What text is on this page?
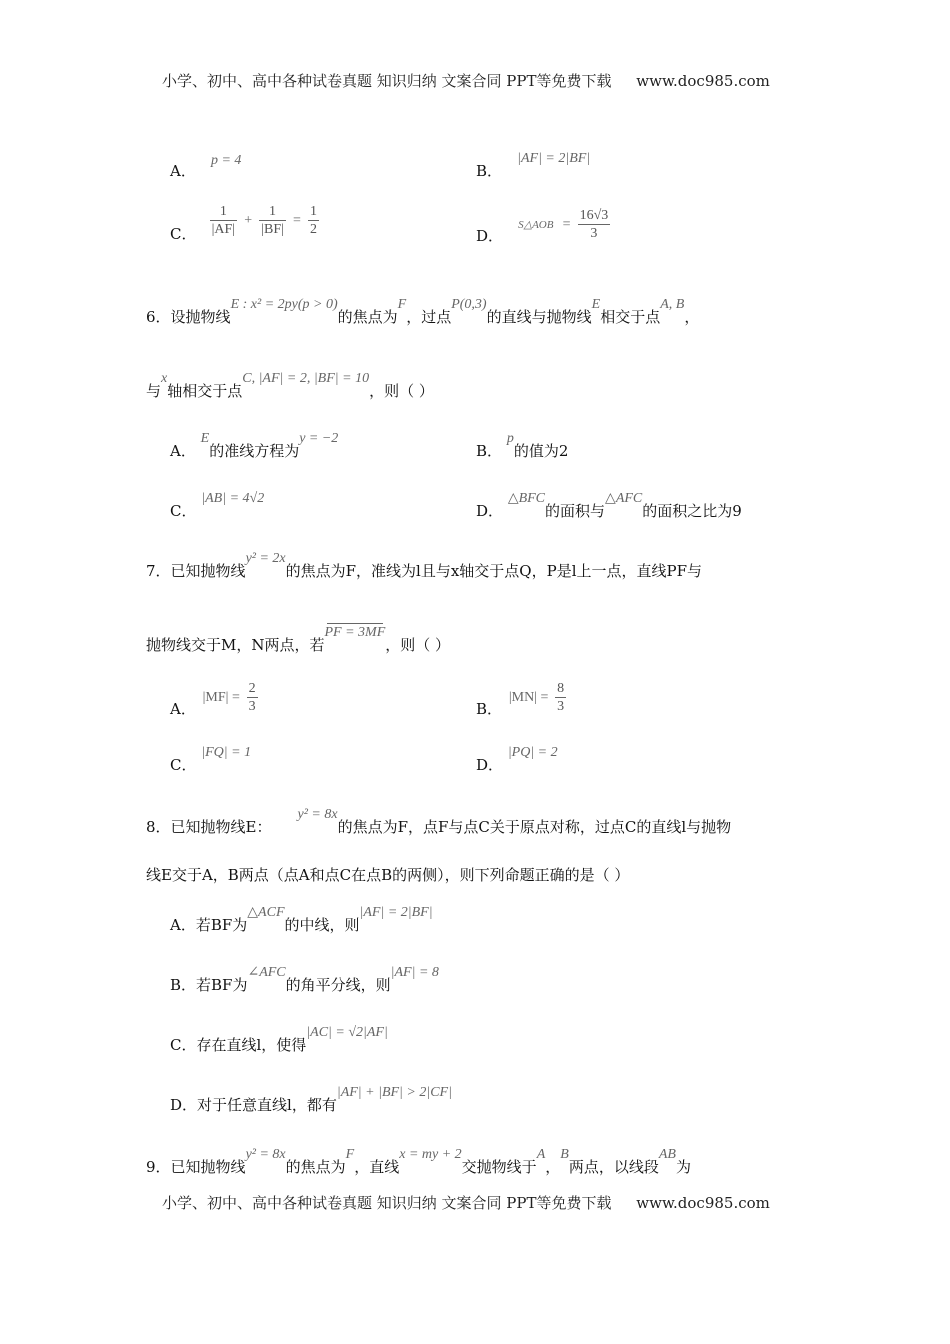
小学、初中、高中各种试卷真题 知识归纳 文案合同 PPT等免费下载 www.doc985.com
A． p = 4
B． |AF| = 2|BF|
C． $\frac{1}{|AF|} + \frac{1}{|BF|} = \frac{1}{2}$	D． S△AOB = $\frac{16√3}{3}$
6．设抛物线E : x² = 2py(p > 0)的焦点为F，过点P(0,3)的直线与抛物线E相交于点A, B，
与x轴相交于点C, |AF| = 2, |BF| = 10，则（ ）
A． E的准线方程为y = −2
B． p的值为2
C． |AB| = 4√2
D． △BFC的面积与△AFC的面积之比为9
7．已知抛物线y² = 2x的焦点为F，准线为l且与x轴交于点Q，P是l上一点，直线PF与
抛物线交于M，N两点，若PF = 3MF，则（ ）
A． $|MF| = \frac{2}{3}$	B． $|MN| = \frac{8}{3}$
C． |FQ| = 1
D． |PQ| = 2
8．已知抛物线E：y² = 8x的焦点为F，点F与点C关于原点对称，过点C的直线l与抛物
线E交于A，B两点（点A和点C在点B的两侧），则下列命题正确的是（ ）
A．若BF为△ACF的中线，则|AF| = 2|BF|
B．若BF为∠AFC的角平分线，则|AF| = 8
C．存在直线l，使得|AC| = √2|AF|
D．对于任意直线l，都有|AF| + |BF| > 2|CF|
9．已知抛物线y² = 8x的焦点为F，直线x = my + 2交抛物线于A，B两点，以线段AB为
小学、初中、高中各种试卷真题 知识归纳 文案合同 PPT等免费下载 www.doc985.com
